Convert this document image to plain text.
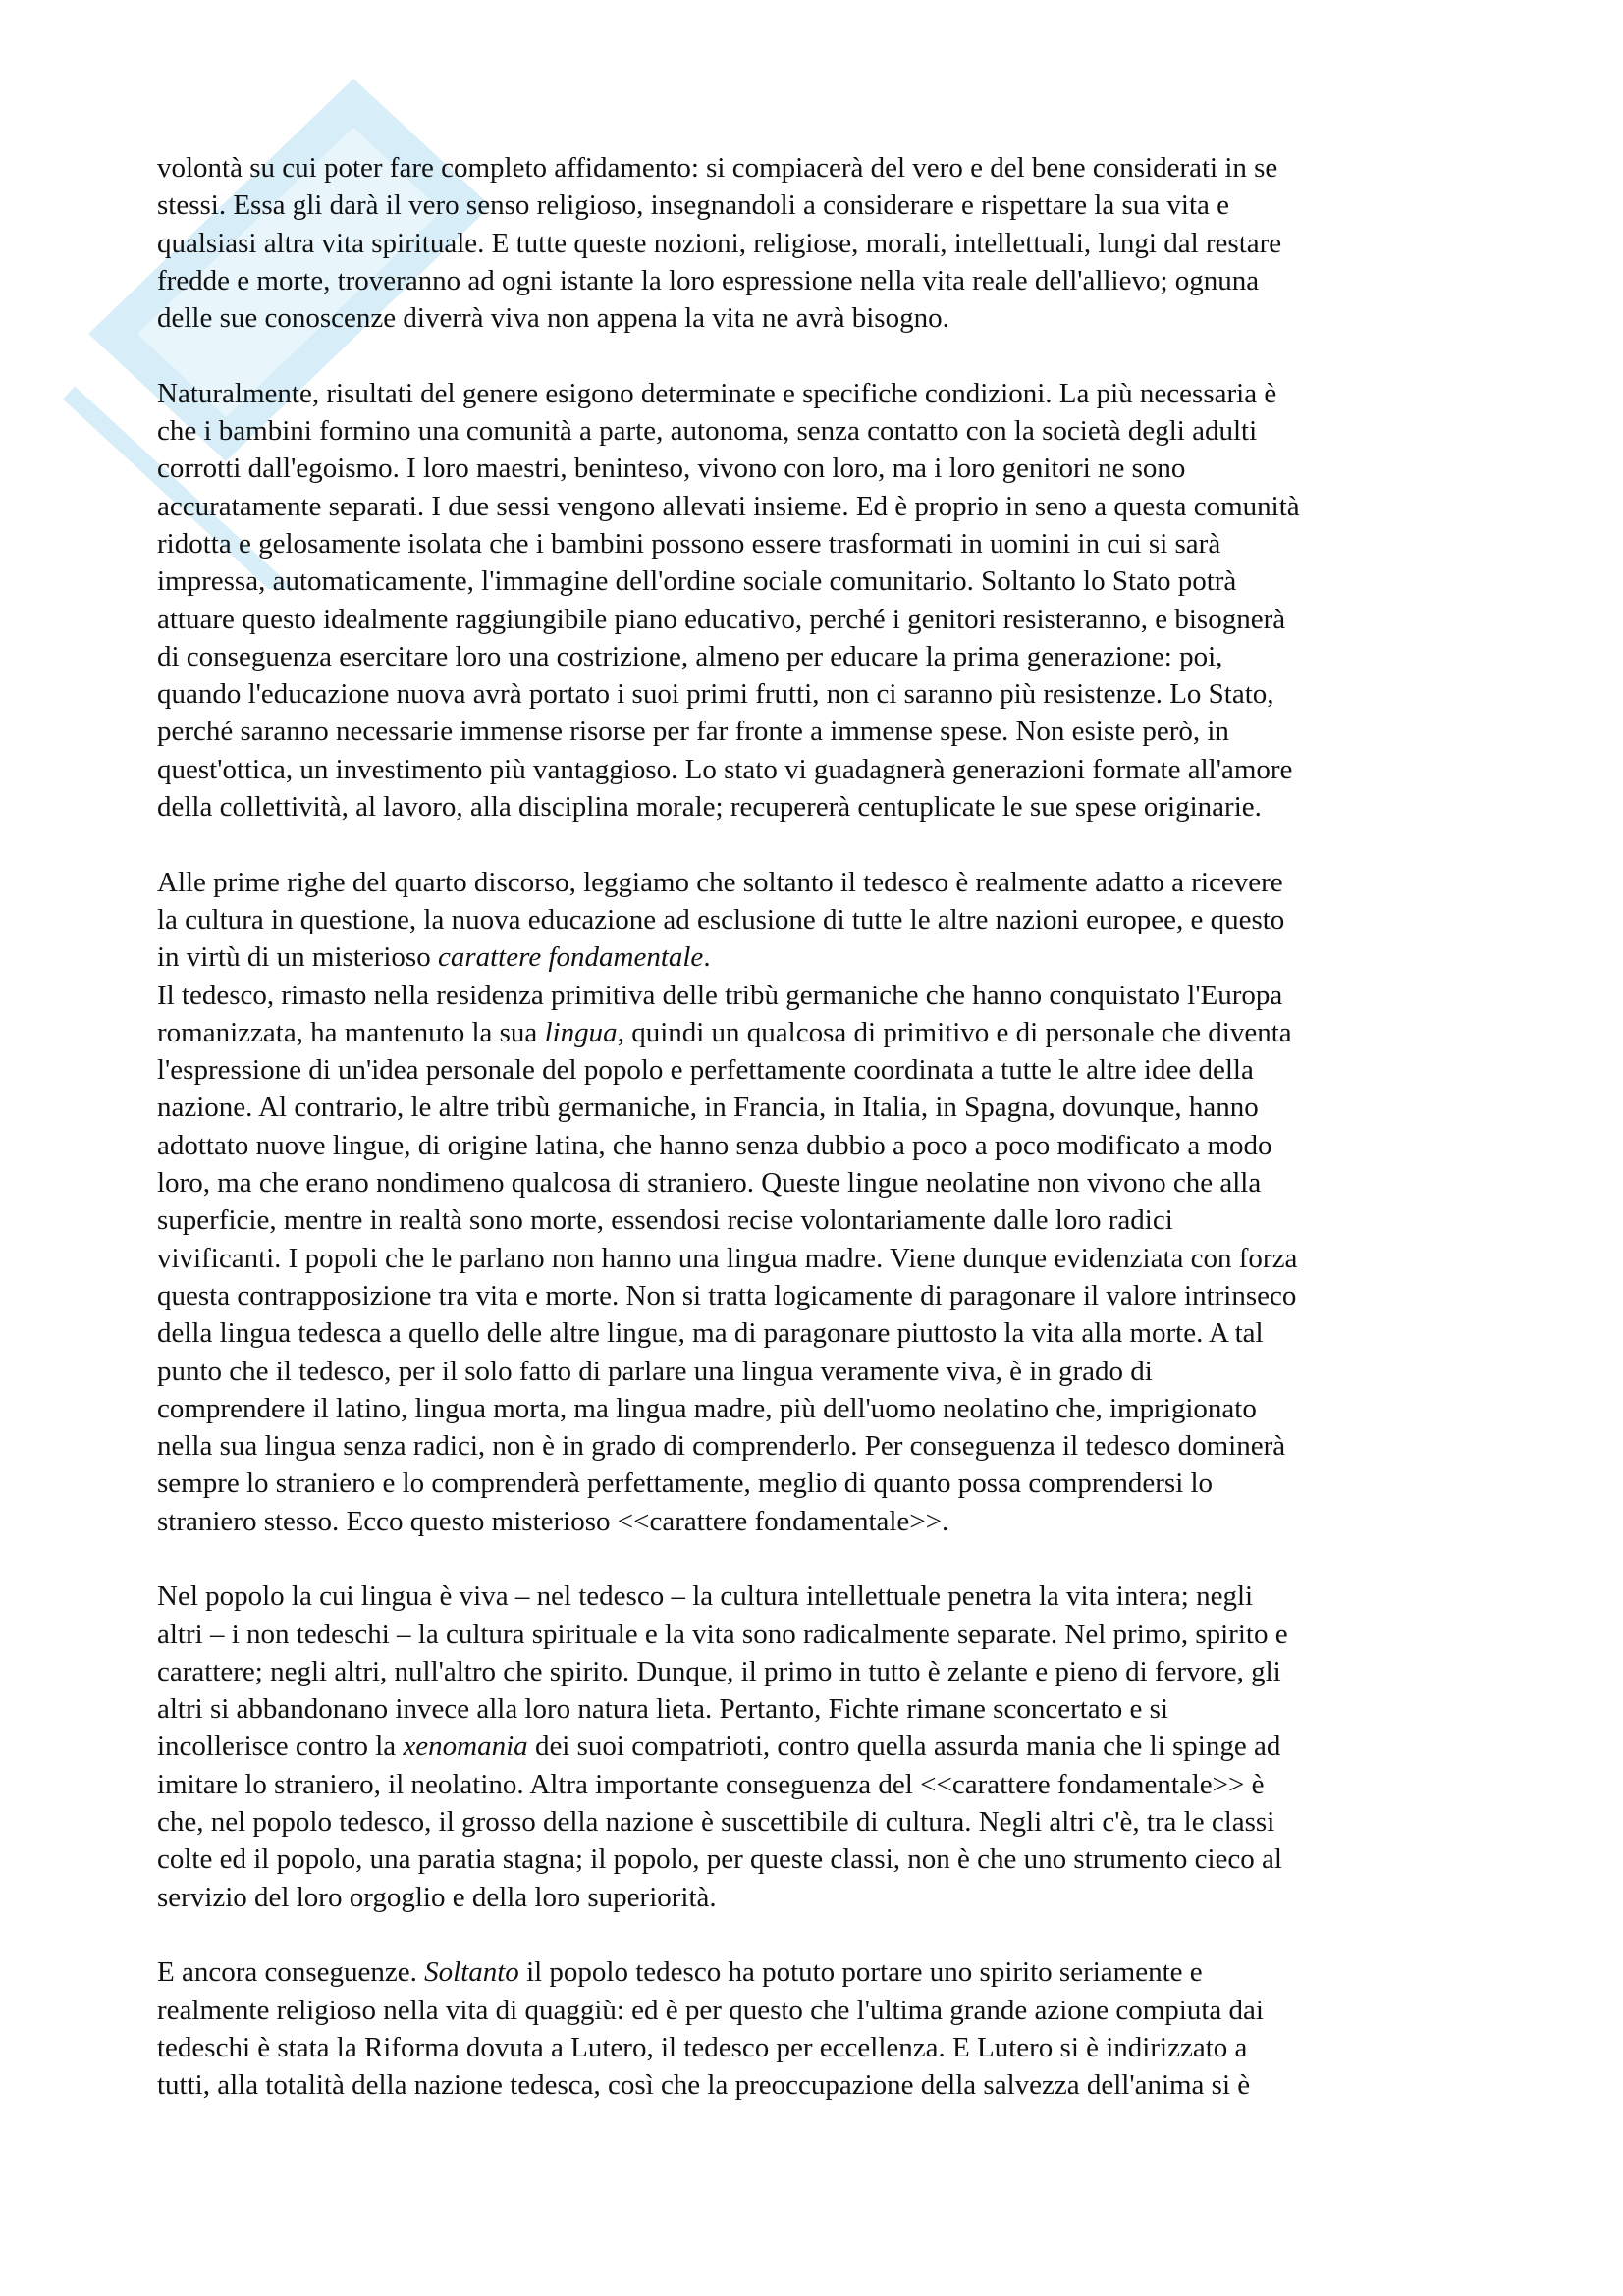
volontà su cui poter fare completo affidamento: si compiacerà del vero e del bene considerati in se
stessi. Essa gli darà il vero senso religioso, insegnandoli a considerare e rispettare la sua vita e
qualsiasi altra vita spirituale. E tutte queste nozioni, religiose, morali, intellettuali, lungi dal restare
fredde e morte, troveranno ad ogni istante la loro espressione nella vita reale dell'allievo; ognuna
delle sue conoscenze diverrà viva non appena la vita ne avrà bisogno.
Naturalmente, risultati del genere esigono determinate e specifiche condizioni. La più necessaria è
che i bambini formino una comunità a parte, autonoma, senza contatto con la società degli adulti
corrotti dall'egoismo. I loro maestri, beninteso, vivono con loro, ma i loro genitori ne sono
accuratamente separati. I due sessi vengono allevati insieme. Ed è proprio in seno a questa comunità
ridotta e gelosamente isolata che i bambini possono essere trasformati in uomini in cui si sarà
impressa, automaticamente, l'immagine dell'ordine sociale comunitario. Soltanto lo Stato potrà
attuare questo idealmente raggiungibile piano educativo, perché i genitori resisteranno, e bisognerà
di conseguenza esercitare loro una costrizione, almeno per educare la prima generazione: poi,
quando l'educazione nuova avrà portato i suoi primi frutti, non ci saranno più resistenze. Lo Stato,
perché saranno necessarie immense risorse per far fronte a immense spese. Non esiste però, in
quest'ottica, un investimento più vantaggioso. Lo stato vi guadagnerà generazioni formate all'amore
della collettività, al lavoro, alla disciplina morale; recupererà centuplicate le sue spese originarie.
Alle prime righe del quarto discorso, leggiamo che soltanto il tedesco è realmente adatto a ricevere
la cultura in questione, la nuova educazione ad esclusione di tutte le altre nazioni europee, e questo
in virtù di un misterioso carattere fondamentale.
Il tedesco, rimasto nella residenza primitiva delle tribù germaniche che hanno conquistato l'Europa
romanizzata, ha mantenuto la sua lingua, quindi un qualcosa di primitivo e di personale che diventa
l'espressione di un'idea personale del popolo e perfettamente coordinata a tutte le altre idee della
nazione. Al contrario, le altre tribù germaniche, in Francia, in Italia, in Spagna, dovunque, hanno
adottato nuove lingue, di origine latina, che hanno senza dubbio a poco a poco modificato a modo
loro, ma che erano nondimeno qualcosa di straniero. Queste lingue neolatine non vivono che alla
superficie, mentre in realtà sono morte, essendosi recise volontariamente dalle loro radici
vivificanti. I popoli che le parlano non hanno una lingua madre. Viene dunque evidenziata con forza
questa contrapposizione tra vita e morte. Non si tratta logicamente di paragonare il valore intrinseco
della lingua tedesca a quello delle altre lingue, ma di paragonare piuttosto la vita alla morte. A tal
punto che il tedesco, per il solo fatto di parlare una lingua veramente viva, è in grado di
comprendere il latino, lingua morta, ma lingua madre, più dell'uomo neolatino che, imprigionato
nella sua lingua senza radici, non è in grado di comprenderlo. Per conseguenza il tedesco dominerà
sempre lo straniero e lo comprenderà perfettamente, meglio di quanto possa comprendersi lo
straniero stesso. Ecco questo misterioso <<carattere fondamentale>>.
Nel popolo la cui lingua è viva – nel tedesco – la cultura intellettuale penetra la vita intera; negli
altri – i non tedeschi – la cultura spirituale e la vita sono radicalmente separate. Nel primo, spirito e
carattere; negli altri, null'altro che spirito. Dunque, il primo in tutto è zelante e pieno di fervore, gli
altri si abbandonano invece alla loro natura lieta. Pertanto, Fichte rimane sconcertato e si
incollerisce contro la xenomania dei suoi compatrioti, contro quella assurda mania che li spinge ad
imitare lo straniero, il neolatino. Altra importante conseguenza del <<carattere fondamentale>> è
che, nel popolo tedesco, il grosso della nazione è suscettibile di cultura. Negli altri c'è, tra le classi
colte ed il popolo, una paratia stagna; il popolo, per queste classi, non è che uno strumento cieco al
servizio del loro orgoglio e della loro superiorità.
E ancora conseguenze. Soltanto il popolo tedesco ha potuto portare uno spirito seriamente e
realmente religioso nella vita di quaggiù: ed è per questo che l'ultima grande azione compiuta dai
tedeschi è stata la Riforma dovuta a Lutero, il tedesco per eccellenza. E Lutero si è indirizzato a
tutti, alla totalità della nazione tedesca, così che la preoccupazione della salvezza dell'anima si è
